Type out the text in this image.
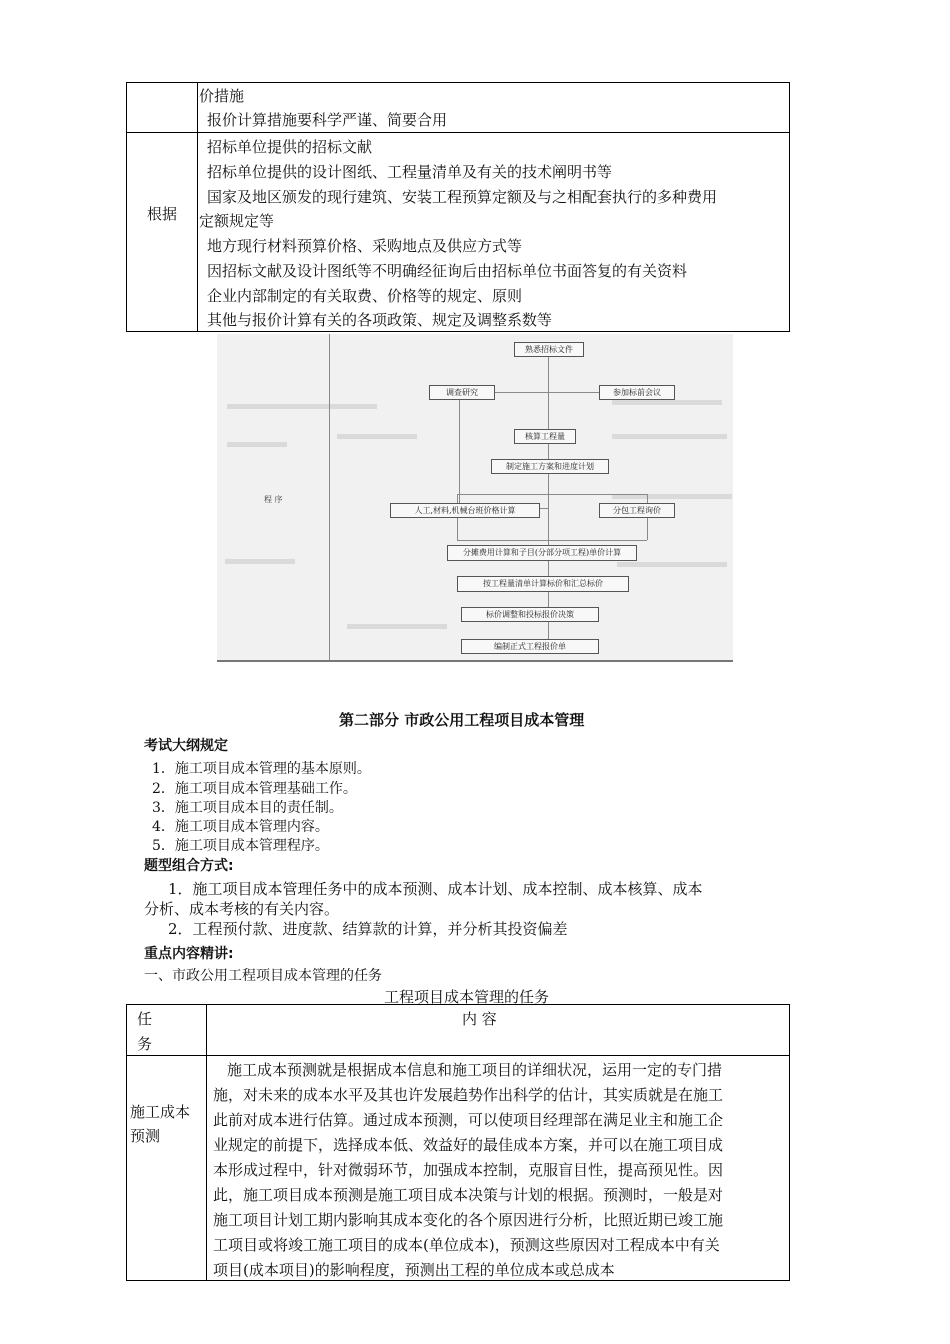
价措施
报价计算措施要科学严谨、简要合用
根据
招标单位提供的招标文献
招标单位提供的设计图纸、工程量清单及有关的技术阐明书等
国家及地区颁发的现行建筑、安装工程预算定额及与之相配套执行的多种费用
定额规定等
地方现行材料预算价格、采购地点及供应方式等
因招标文献及设计图纸等不明确经征询后由招标单位书面答复的有关资料
企业内部制定的有关取费、价格等的规定、原则
其他与报价计算有关的各项政策、规定及调整系数等
程 序
熟悉招标文件
调查研究	参加标前会议
核算工程量
制定施工方案和进度计划
人工,材料,机械台班价格计算	分包工程询价
分摊费用计算和子目(分部分项工程)单价计算
按工程量清单计算标价和汇总标价
标价调整和投标报价决策
编制正式工程报价单
第二部分 市政公用工程项目成本管理
考试大纲规定
1．施工项目成本管理的基本原则。
2．施工项目成本管理基础工作。
3．施工项目成本目的责任制。
4．施工项目成本管理内容。
5．施工项目成本管理程序。
题型组合方式:
1．施工项目成本管理任务中的成本预测、成本计划、成本控制、成本核算、成本
分析、成本考核的有关内容。
2．工程预付款、进度款、结算款的计算，并分析其投资偏差
重点内容精讲:
一、市政公用工程项目成本管理的任务
工程项目成本管理的任务
任
务
内 容
施工成本
预测
施工成本预测就是根据成本信息和施工项目的详细状况，运用一定的专门措
施，对未来的成本水平及其也许发展趋势作出科学的估计，其实质就是在施工
此前对成本进行估算。通过成本预测，可以使项目经理部在满足业主和施工企
业规定的前提下，选择成本低、效益好的最佳成本方案，并可以在施工项目成
本形成过程中，针对微弱环节，加强成本控制，克服盲目性，提高预见性。因
此，施工项目成本预测是施工项目成本决策与计划的根据。预测时，一般是对
施工项目计划工期内影响其成本变化的各个原因进行分析，比照近期已竣工施
工项目或将竣工施工项目的成本(单位成本)，预测这些原因对工程成本中有关
项目(成本项目)的影响程度，预测出工程的单位成本或总成本
